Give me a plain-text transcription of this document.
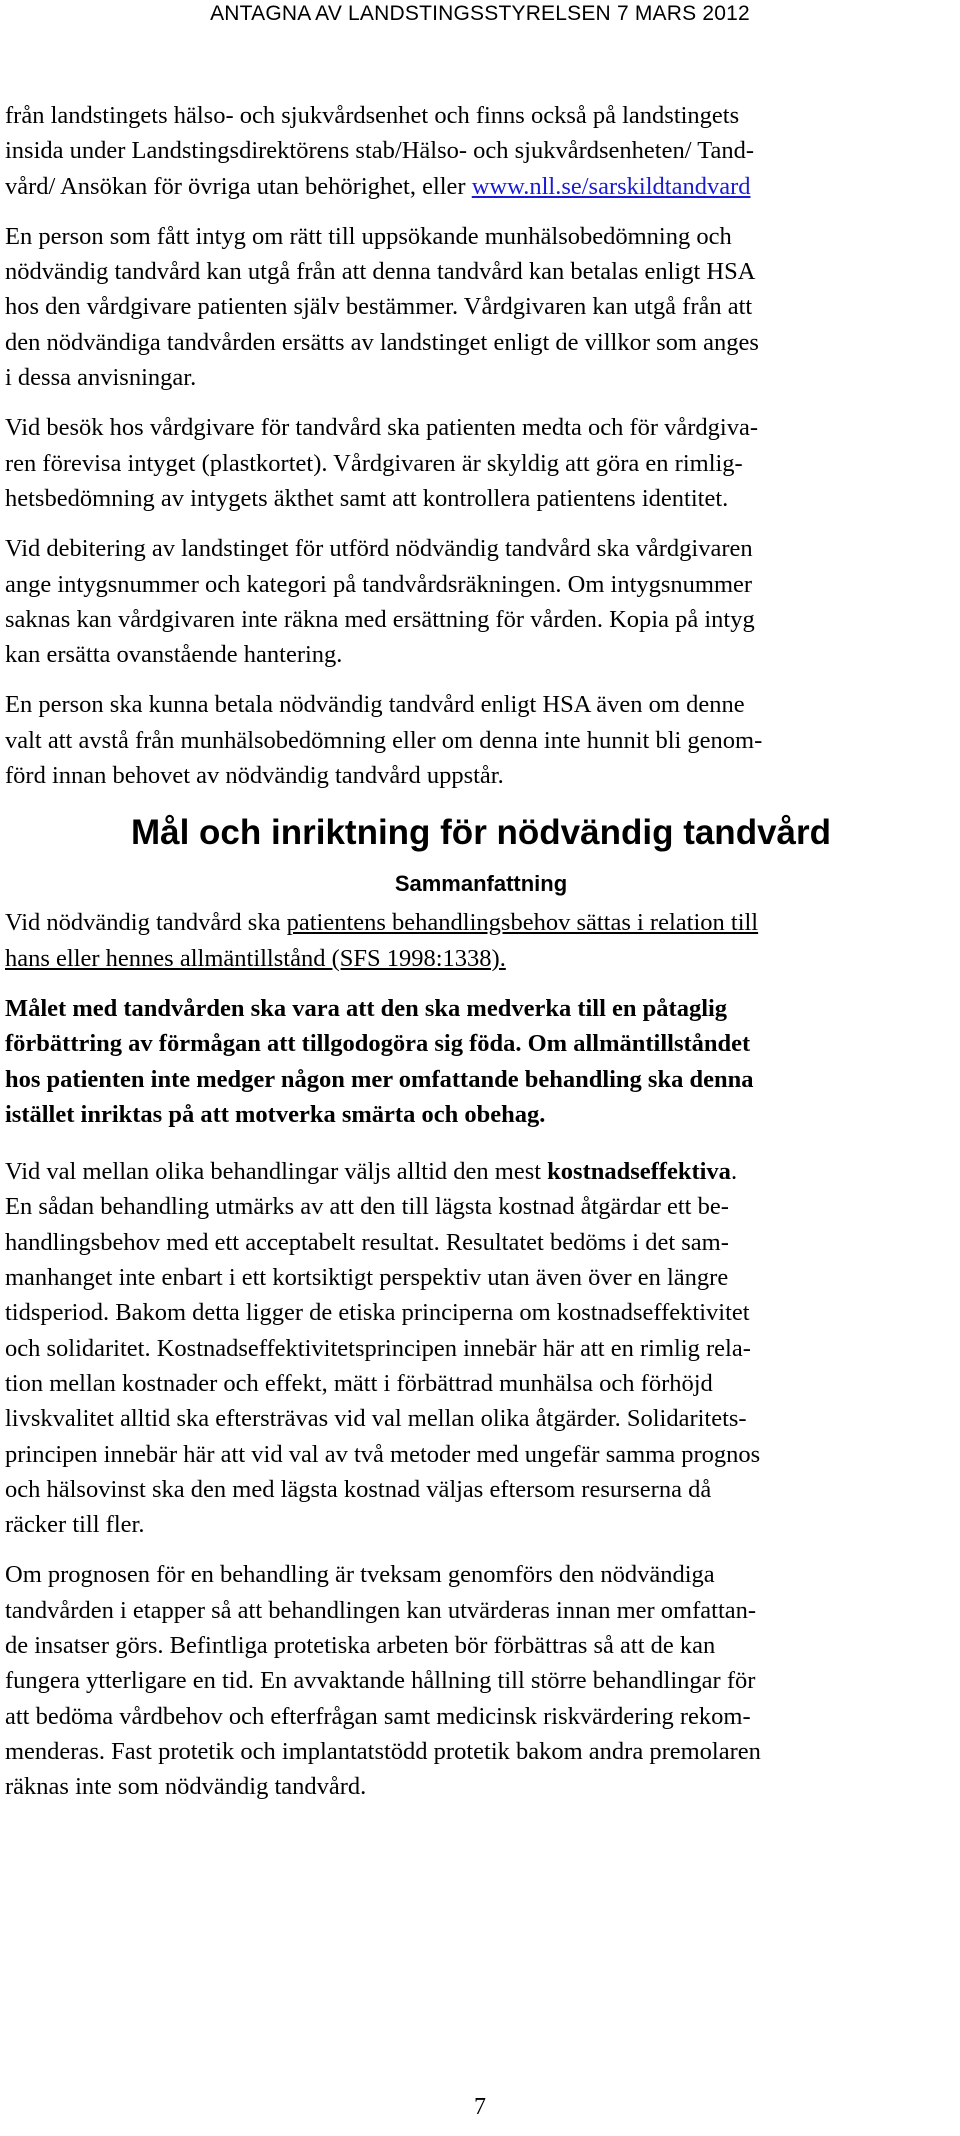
ANTAGNA AV LANDSTINGSSTYRELSEN 7 MARS 2012

från landstingets hälso- och sjukvårdsenhet och finns också på landstingets
insida under Landstingsdirektörens stab/Hälso- och sjukvårdsenheten/ Tand-
vård/ Ansökan för övriga utan behörighet, eller www.nll.se/sarskildtandvard

En person som fått intyg om rätt till uppsökande munhälsobedömning och
nödvändig tandvård kan utgå från att denna tandvård kan betalas enligt HSA
hos den vårdgivare patienten själv bestämmer. Vårdgivaren kan utgå från att
den nödvändiga tandvården ersätts av landstinget enligt de villkor som anges
i dessa anvisningar.

Vid besök hos vårdgivare för tandvård ska patienten medta och för vårdgiva-
ren förevisa intyget (plastkortet). Vårdgivaren är skyldig att göra en rimlig-
hetsbedömning av intygets äkthet samt att kontrollera patientens identitet.

Vid debitering av landstinget för utförd nödvändig tandvård ska vårdgivaren
ange intygsnummer och kategori på tandvårdsräkningen. Om intygsnummer
saknas kan vårdgivaren inte räkna med ersättning för vården. Kopia på intyg
kan ersätta ovanstående hantering.

En person ska kunna betala nödvändig tandvård enligt HSA även om denne
valt att avstå från munhälsobedömning eller om denna inte hunnit bli genom-
förd innan behovet av nödvändig tandvård uppstår.

Mål och inriktning för nödvändig tandvård
Sammanfattning

Vid nödvändig tandvård ska patientens behandlingsbehov sättas i relation till
hans eller hennes allmäntillstånd (SFS 1998:1338).

Målet med tandvården ska vara att den ska medverka till en påtaglig
förbättring av förmågan att tillgodogöra sig föda. Om allmäntillståndet
hos patienten inte medger någon mer omfattande behandling ska denna
istället inriktas på att motverka smärta och obehag.

Vid val mellan olika behandlingar väljs alltid den mest kostnadseffektiva.
En sådan behandling utmärks av att den till lägsta kostnad åtgärdar ett be-
handlingsbehov med ett acceptabelt resultat. Resultatet bedöms i det sam-
manhanget inte enbart i ett kortsiktigt perspektiv utan även över en längre
tidsperiod. Bakom detta ligger de etiska principerna om kostnadseffektivitet
och solidaritet. Kostnadseffektivitetsprincipen innebär här att en rimlig rela-
tion mellan kostnader och effekt, mätt i förbättrad munhälsa och förhöjd
livskvalitet alltid ska eftersträvas vid val mellan olika åtgärder. Solidaritets-
principen innebär här att vid val av två metoder med ungefär samma prognos
och hälsovinst ska den med lägsta kostnad väljas eftersom resurserna då
räcker till fler.

Om prognosen för en behandling är tveksam genomförs den nödvändiga
tandvården i etapper så att behandlingen kan utvärderas innan mer omfattan-
de insatser görs. Befintliga protetiska arbeten bör förbättras så att de kan
fungera ytterligare en tid. En avvaktande hållning till större behandlingar för
att bedöma vårdbehov och efterfrågan samt medicinsk riskvärdering rekom-
menderas. Fast protetik och implantatstödd protetik bakom andra premolaren
räknas inte som nödvändig tandvård.

7
